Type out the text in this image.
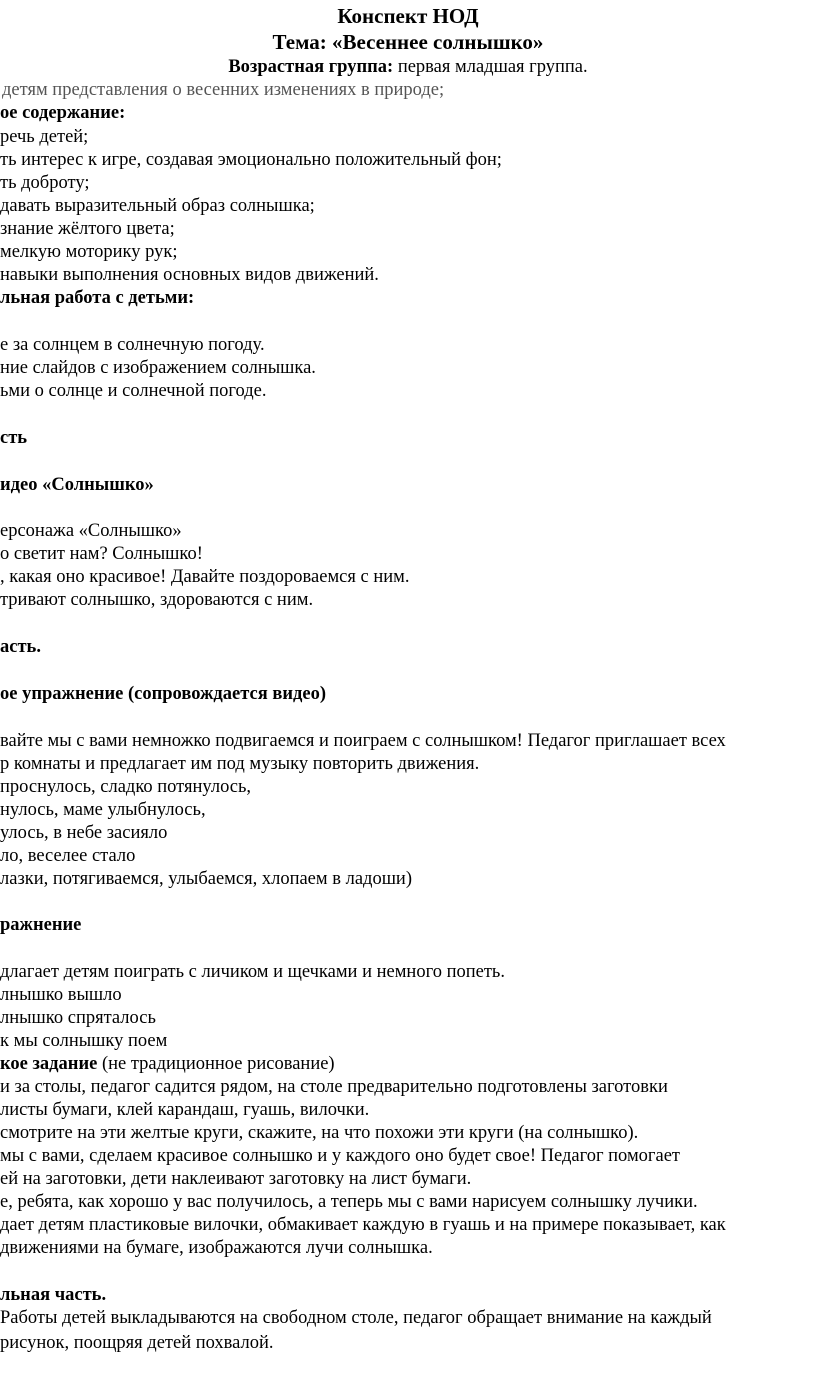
Конспект НОД
Тема: «Весеннее солнышко»
Возрастная группа: первая младшая группа.
детям представления о весенних изменениях в природе;
ое содержание:
речь детей;
ть интерес к игре, создавая эмоционально положительный фон;
ть доброту;
давать выразительный образ солнышка;
знание жёлтого цвета;
мелкую моторику рук;
навыки выполнения основных видов движений.
льная работа с детьми:
е за солнцем в солнечную погоду.
ние слайдов с изображением солнышка.
ьми о солнце и солнечной погоде.
сть
идео «Солнышко»
ерсонажа «Солнышко»
о светит нам? Солнышко!
, какая оно красивое! Давайте поздороваемся с ним.
тривают солнышко, здороваются с ним.
асть.
ое упражнение (сопровождается видео)
вайте мы с вами немножко подвигаемся и поиграем с солнышком! Педагог приглашает всех
р комнаты и предлагает им под музыку повторить движения.
проснулось, сладко потянулось,
нулось, маме улыбнулось,
улось, в небе засияло
ло, веселее стало
лазки, потягиваемся, улыбаемся, хлопаем в ладоши)
ражнение
длагает детям поиграть с личиком и щечками и немного попеть.
лнышко вышло
лнышко спряталось
к мы солнышку поем
кое задание (не традиционное рисование)
и за столы, педагог садится рядом, на столе предварительно подготовлены заготовки
листы бумаги, клей карандаш, гуашь, вилочки.
смотрите на эти желтые круги, скажите, на что похожи эти круги (на солнышко).
мы с вами, сделаем красивое солнышко и у каждого оно будет свое! Педагог помогает
ей на заготовки, дети наклеивают заготовку на лист бумаги.
е, ребята, как хорошо у вас получилось, а теперь мы с вами нарисуем солнышку лучики.
дает детям пластиковые вилочки, обмакивает каждую в гуашь и на примере показывает, как
движениями на бумаге, изображаются лучи солнышка.
льная часть.
Работы детей выкладываются на свободном столе, педагог обращает внимание на каждый
рисунок, поощряя детей похвалой.
